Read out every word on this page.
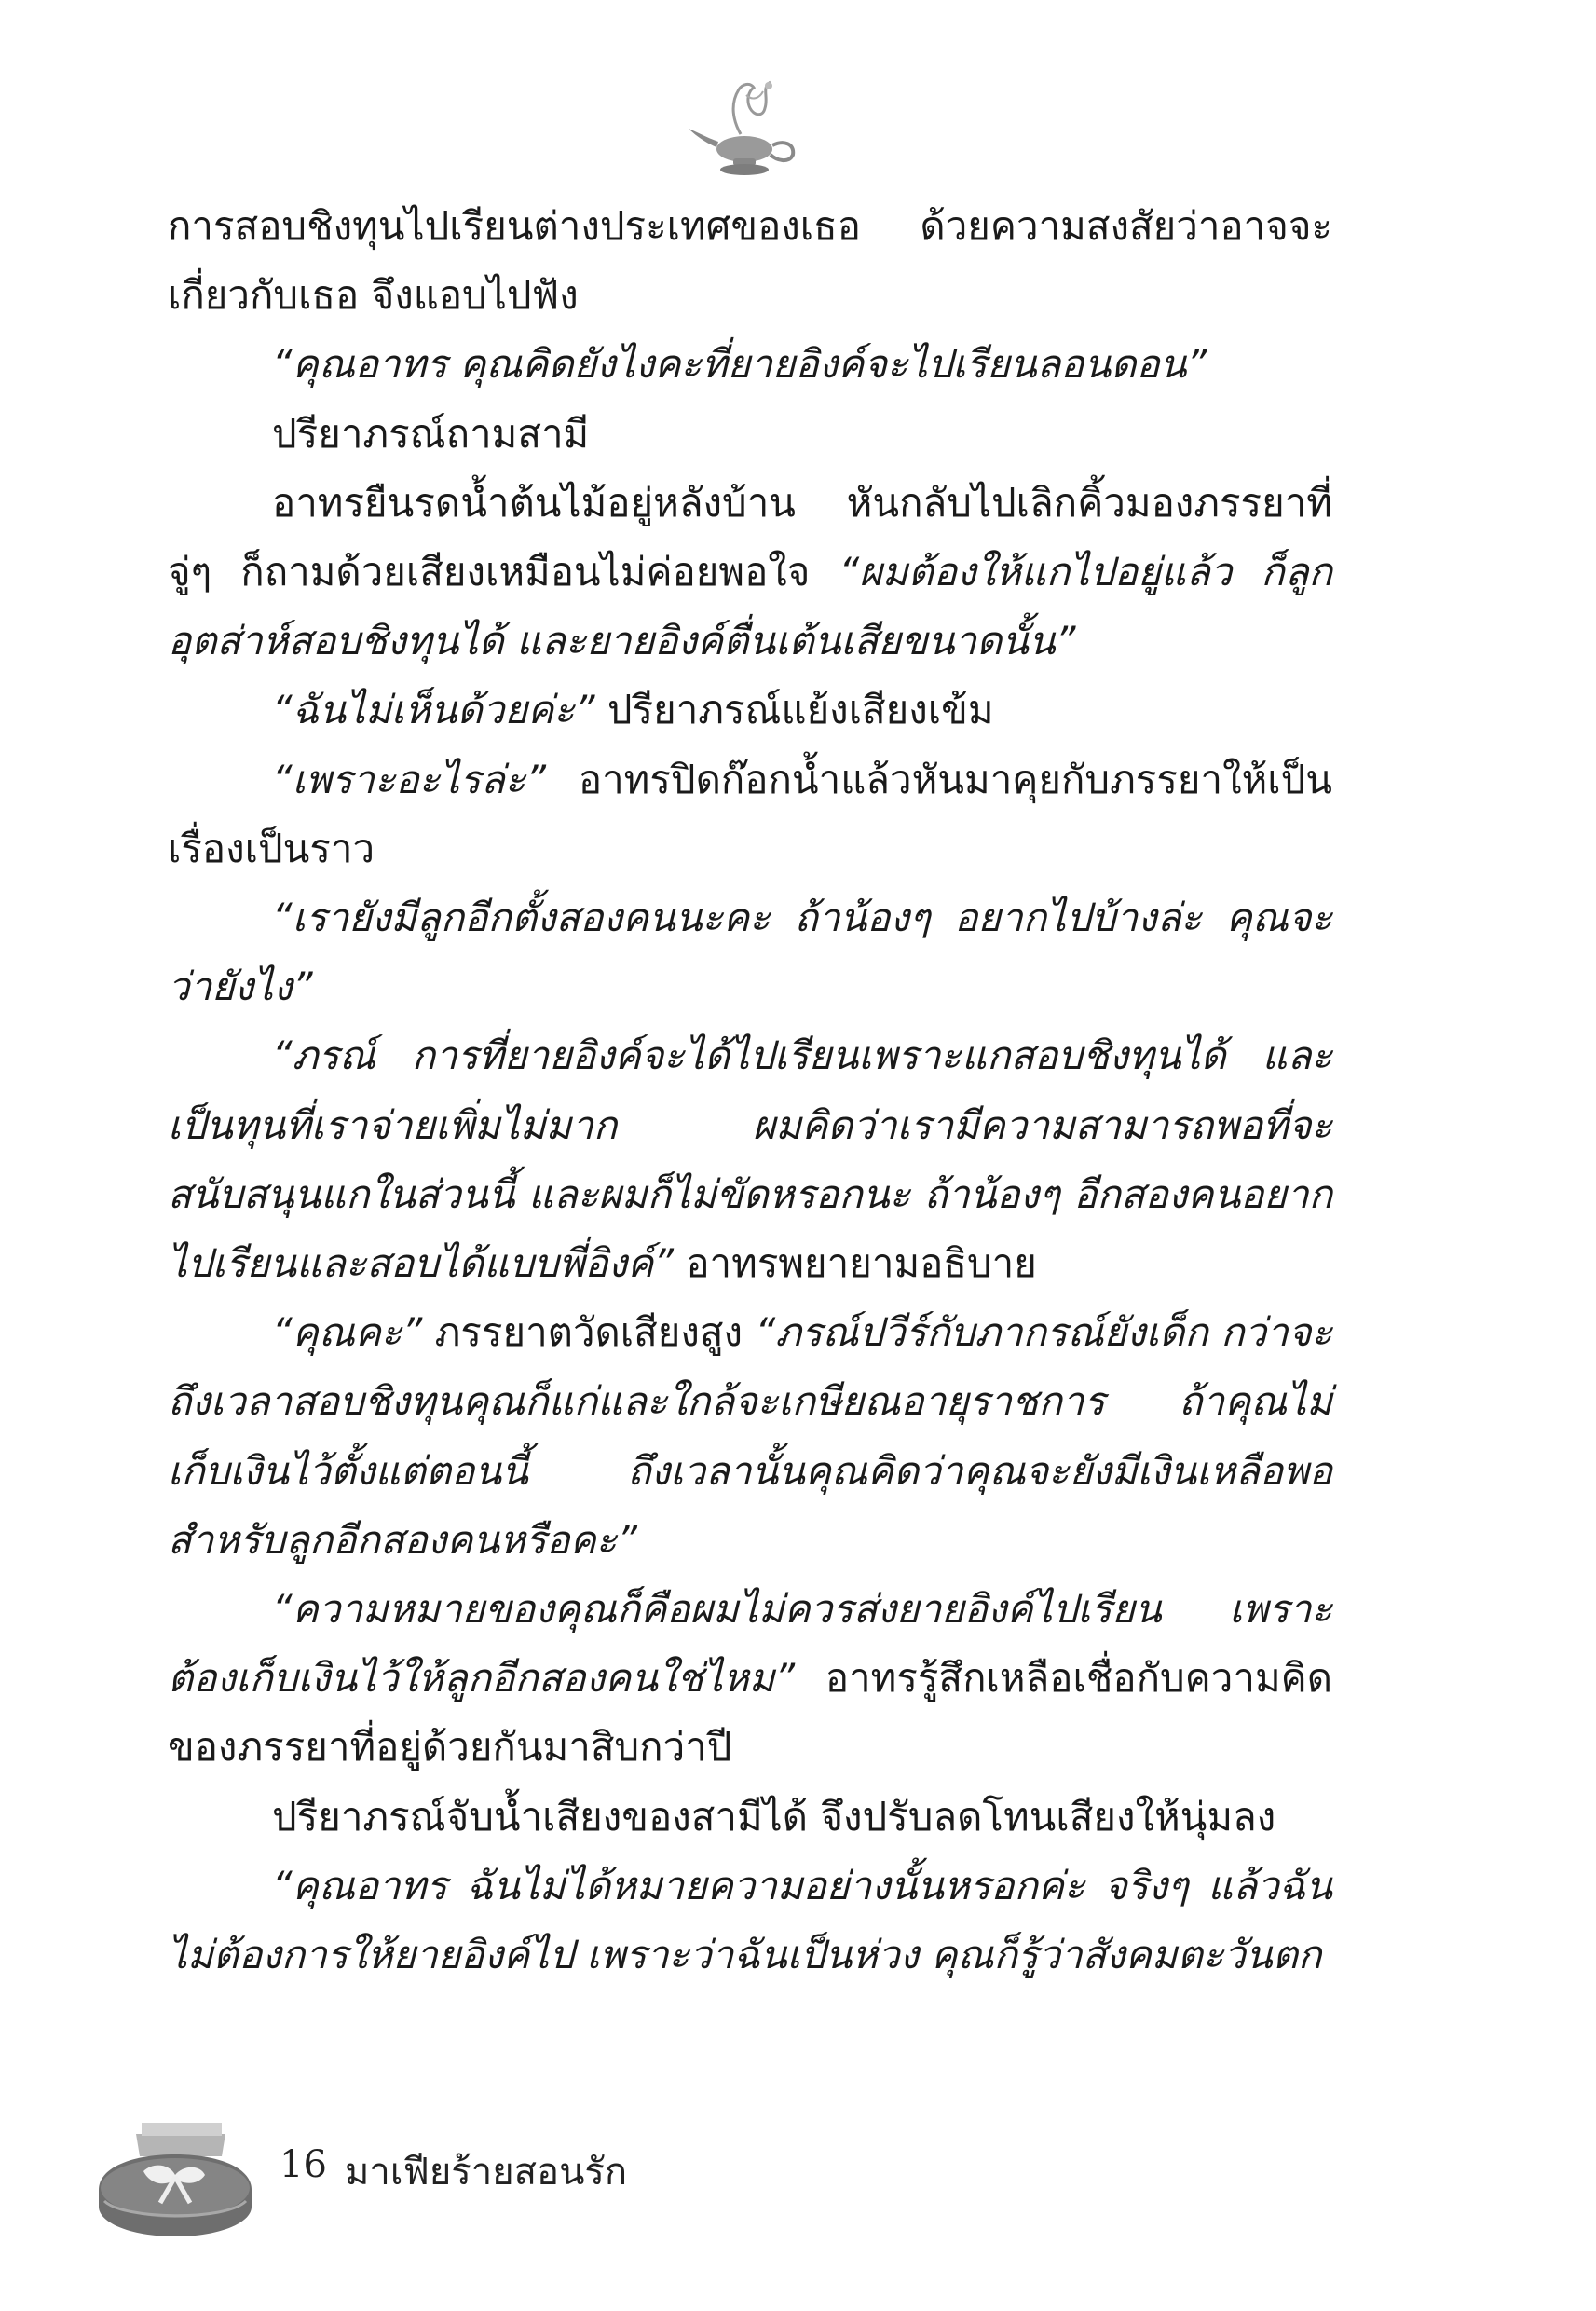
การสอบชิงทุนไปเรียนต่างประเทศของเธอ ด้วยความสงสัยว่าอาจจะเกี่ยวกับเธอ จึงแอบไปฟัง

“คุณอาทร คุณคิดยังไงคะที่ยายอิงค์จะไปเรียนลอนดอน”

ปรียาภรณ์ถามสามี

อาทรยืนรดน้ำต้นไม้อยู่หลังบ้าน หันกลับไปเลิกคิ้วมองภรรยาที่จู่ๆ ก็ถามด้วยเสียงเหมือนไม่ค่อยพอใจ “ผมต้องให้แกไปอยู่แล้ว ก็ลูกอุตส่าห์สอบชิงทุนได้ และยายอิงค์ตื่นเต้นเสียขนาดนั้น”

“ฉันไม่เห็นด้วยค่ะ” ปรียาภรณ์แย้งเสียงเข้ม

“เพราะอะไรล่ะ” อาทรปิดก๊อกน้ำแล้วหันมาคุยกับภรรยาให้เป็นเรื่องเป็นราว

“เรายังมีลูกอีกตั้งสองคนนะคะ ถ้าน้องๆ อยากไปบ้างล่ะ คุณจะว่ายังไง”

“ภรณ์ การที่ยายอิงค์จะได้ไปเรียนเพราะแกสอบชิงทุนได้ และเป็นทุนที่เราจ่ายเพิ่มไม่มาก ผมคิดว่าเรามีความสามารถพอที่จะสนับสนุนแกในส่วนนี้ และผมก็ไม่ขัดหรอกนะ ถ้าน้องๆ อีกสองคนอยากไปเรียนและสอบได้แบบพี่อิงค์” อาทรพยายามอธิบาย

“คุณคะ” ภรรยาตวัดเสียงสูง “ภรณ์ปวีร์กับภากรณ์ยังเด็ก กว่าจะถึงเวลาสอบชิงทุนคุณก็แก่และใกล้จะเกษียณอายุราชการ ถ้าคุณไม่เก็บเงินไว้ตั้งแต่ตอนนี้ ถึงเวลานั้นคุณคิดว่าคุณจะยังมีเงินเหลือพอสำหรับลูกอีกสองคนหรือคะ”

“ความหมายของคุณก็คือผมไม่ควรส่งยายอิงค์ไปเรียน เพราะต้องเก็บเงินไว้ให้ลูกอีกสองคนใช่ไหม” อาทรรู้สึกเหลือเชื่อกับความคิดของภรรยาที่อยู่ด้วยกันมาสิบกว่าปี

ปรียาภรณ์จับน้ำเสียงของสามีได้ จึงปรับลดโทนเสียงให้นุ่มลง

“คุณอาทร ฉันไม่ได้หมายความอย่างนั้นหรอกค่ะ จริงๆ แล้วฉันไม่ต้องการให้ยายอิงค์ไป เพราะว่าฉันเป็นห่วง คุณก็รู้ว่าสังคมตะวันตก

16 มาเฟียร้ายสอนรัก
